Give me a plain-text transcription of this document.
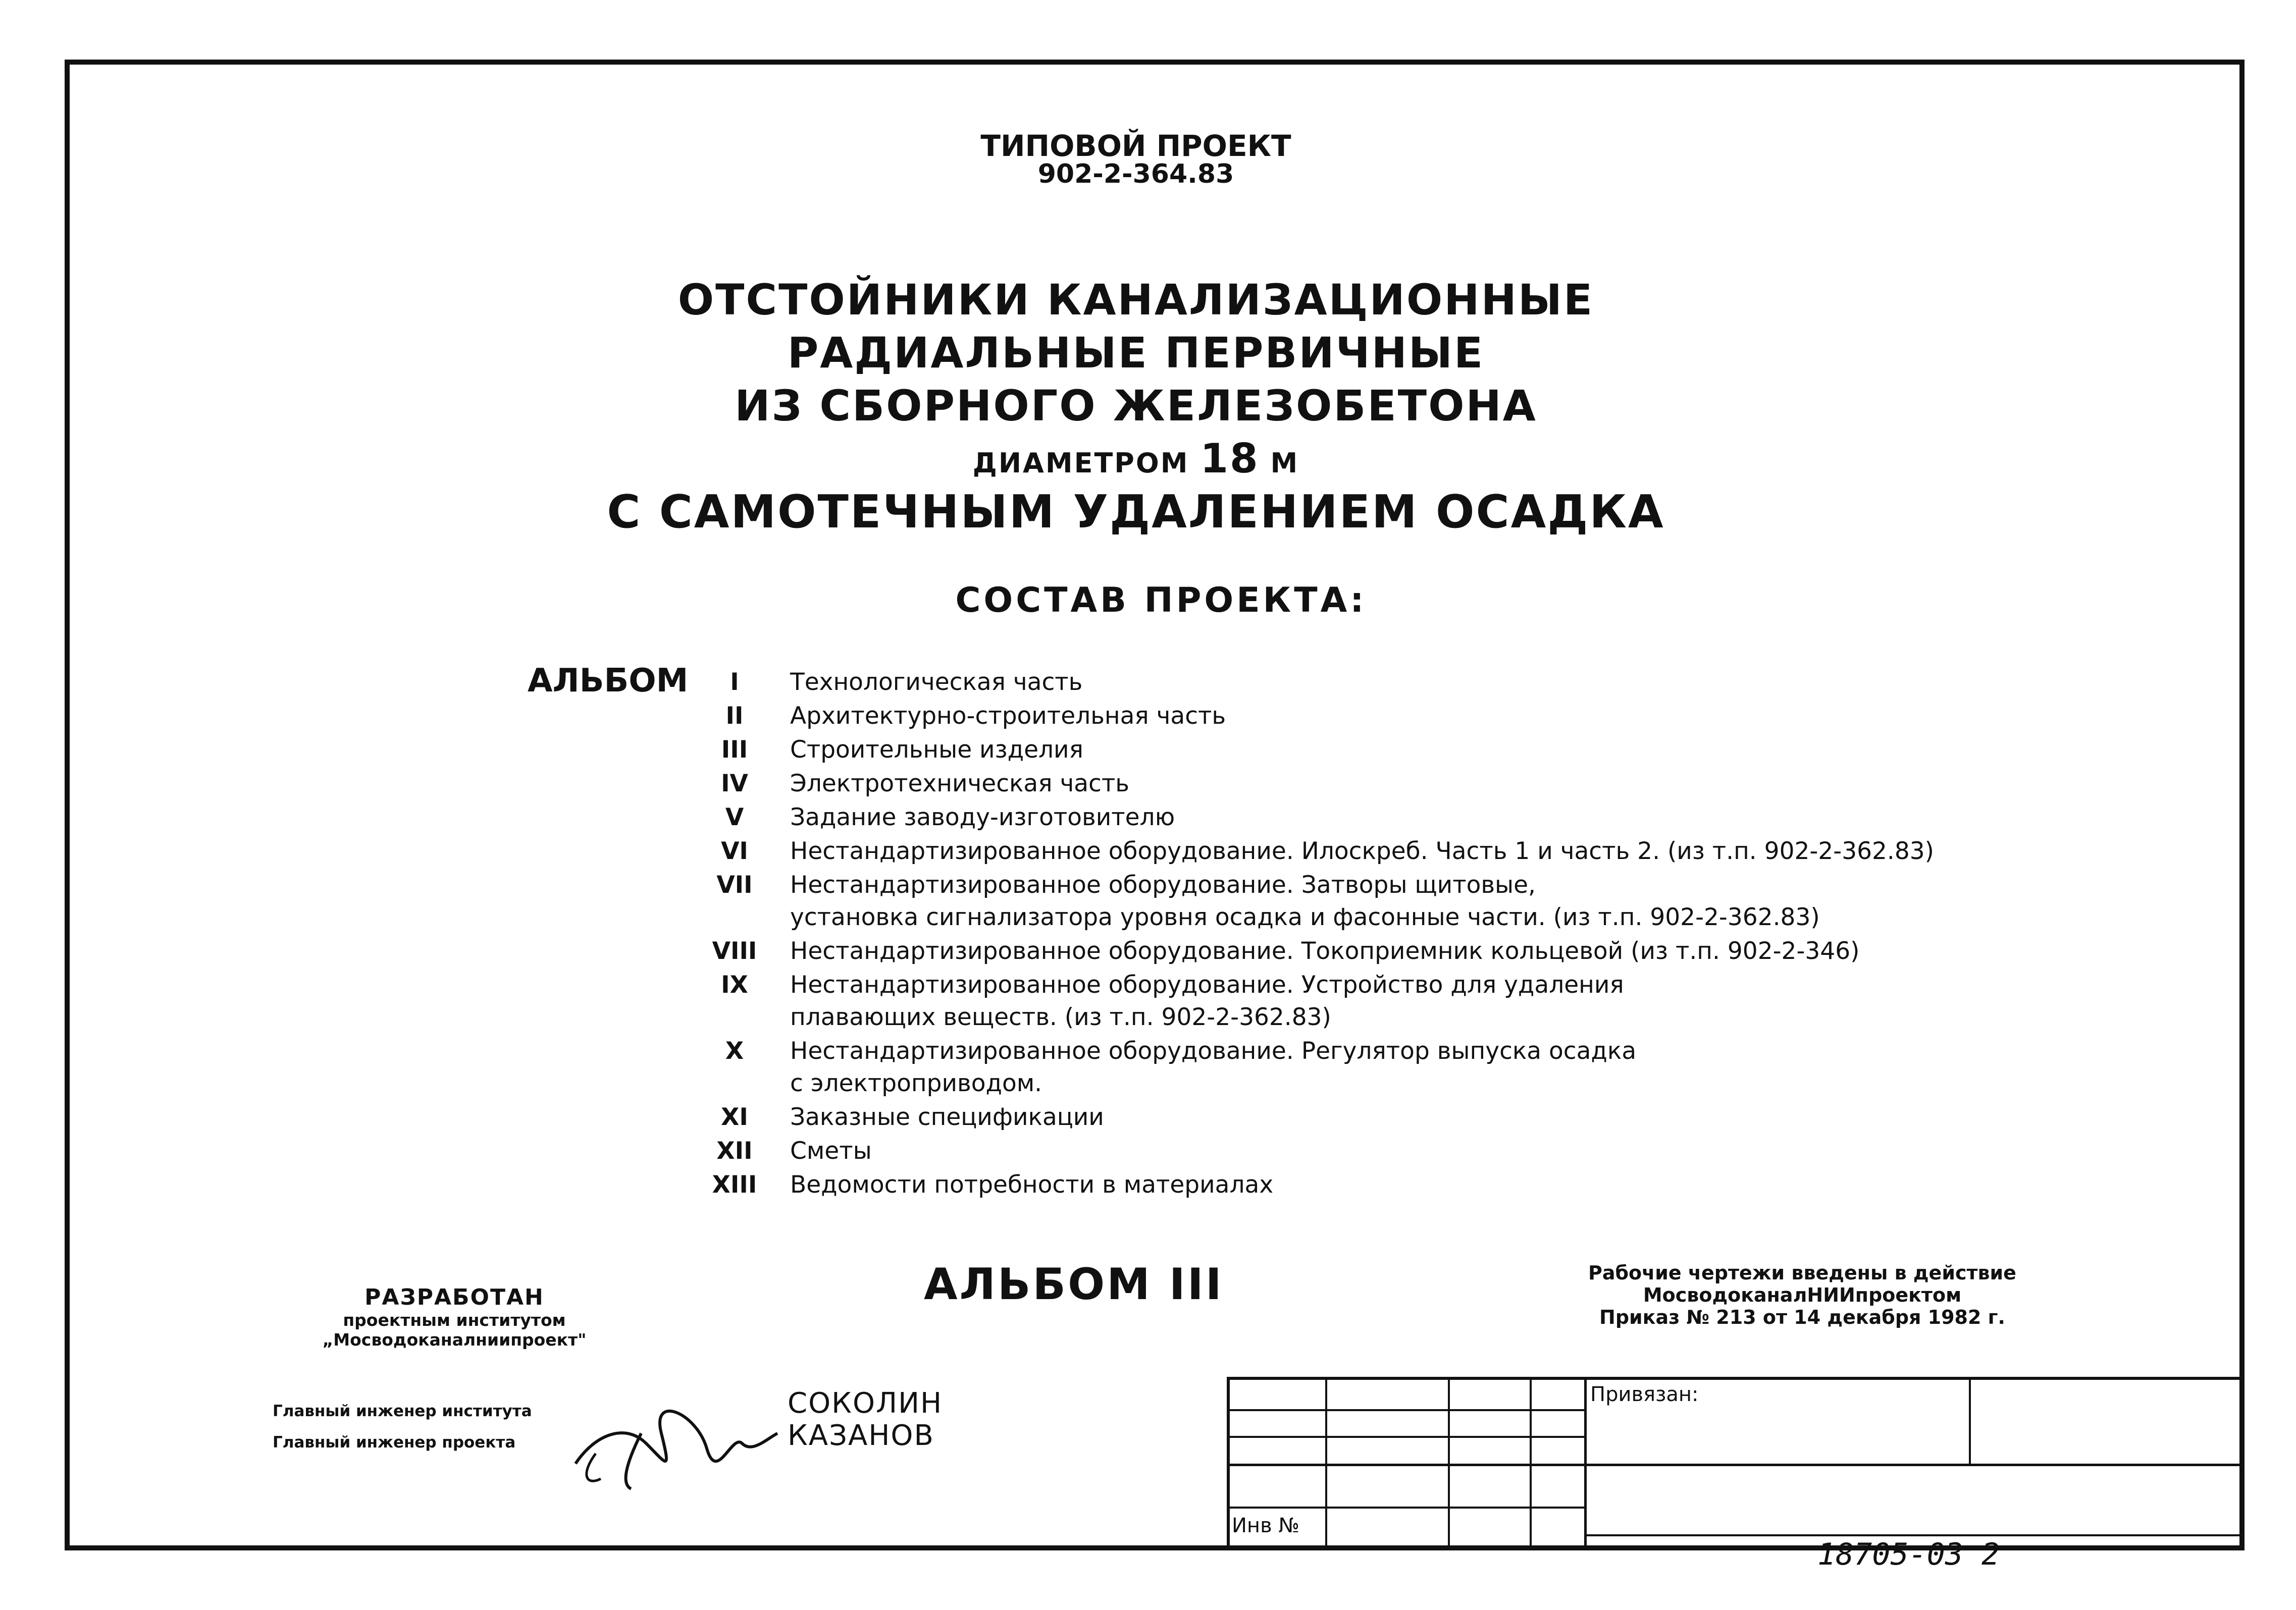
ТИПОВОЙ ПРОЕКТ
902-2-364.83
ОТСТОЙНИКИ КАНАЛИЗАЦИОННЫЕ
РАДИАЛЬНЫЕ ПЕРВИЧНЫЕ
ИЗ СБОРНОГО ЖЕЛЕЗОБЕТОНА
ДИАМЕТРОМ 18 М
С САМОТЕЧНЫМ УДАЛЕНИЕМ ОСАДКА
СОСТАВ ПРОЕКТА:
АЛЬБОМ	I	Технологическая часть
II	Архитектурно-строительная часть
III	Строительные изделия
IV	Электротехническая часть
V	Задание заводу-изготовителю
VI	Нестандартизированное оборудование. Илоскреб. Часть 1 и часть 2. (из т.п. 902-2-362.83)
VII	Нестандартизированное оборудование. Затворы щитовые,
установка сигнализатора уровня осадка и фасонные части. (из т.п. 902-2-362.83)
VIII Нестандартизированное оборудование. Токоприемник кольцевой (из т.п. 902-2-346)
IX	Нестандартизированное оборудование. Устройство для удаления
плавающих веществ. (из т.п. 902-2-362.83)
X	Нестандартизированное оборудование. Регулятор выпуска осадка
с электроприводом.
XI	Заказные спецификации
XII	Сметы
XIII Ведомости потребности в материалах
АЛЬБОМ III
РАЗРАБОТАН
проектным институтом
„Мосводоканалниипроект"
Главный инженер института
Главный инженер проекта
СОКОЛИН
КАЗАНОВ
Рабочие чертежи введены в действие
МосводоканалНИИпроектом
Приказ № 213 от 14 декабря 1982 г.
Привязан:
Инв №
18705-03 2
